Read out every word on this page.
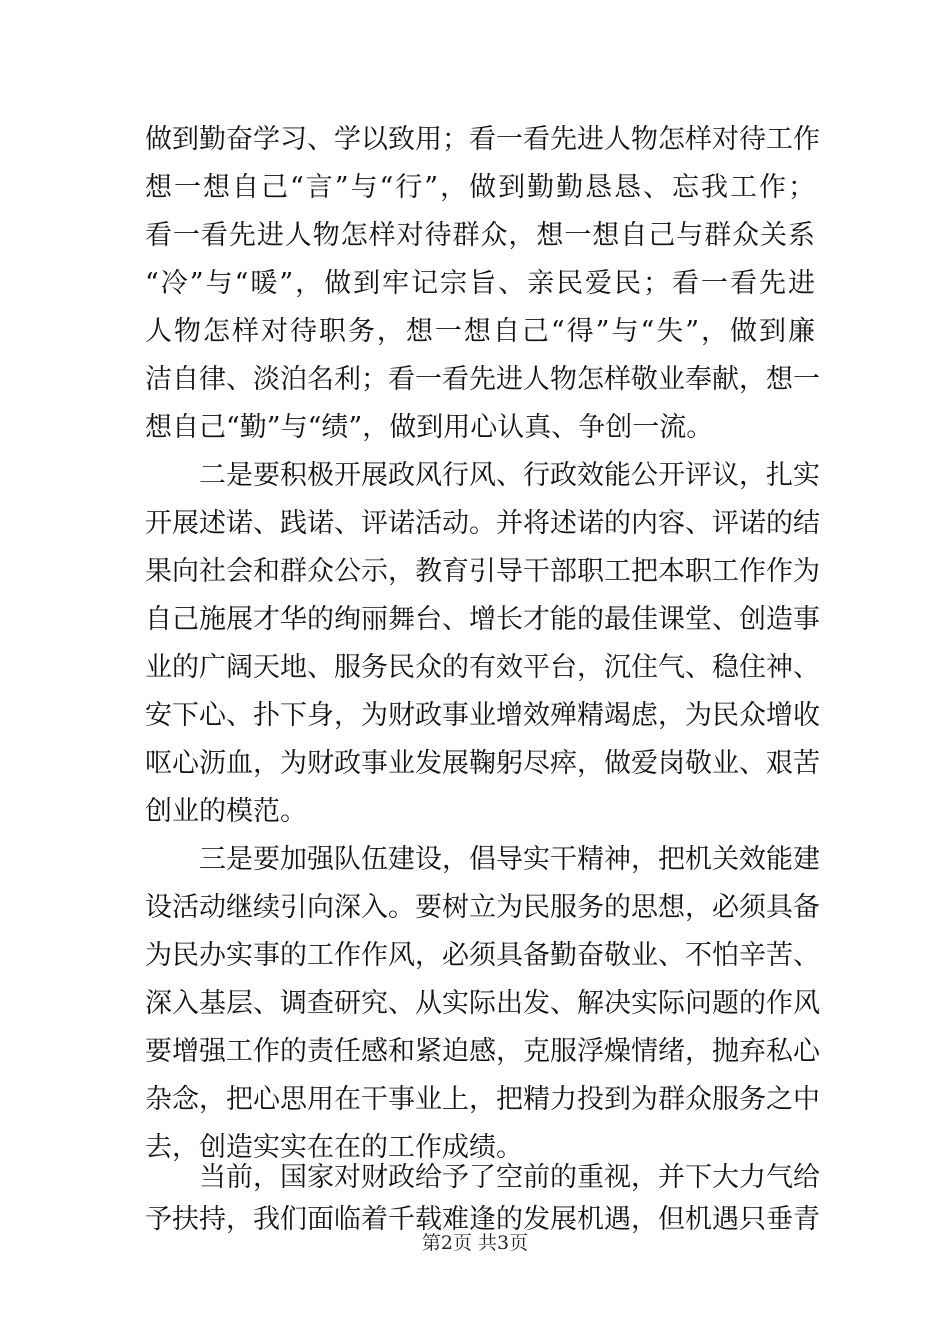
做到勤奋学习、学以致用；看一看先进人物怎样对待工作
想一想自己“言”与“行”，做到勤勤恳恳、忘我工作；
看一看先进人物怎样对待群众，想一想自己与群众关系
“冷”与“暖”，做到牢记宗旨、亲民爱民；看一看先进
人物怎样对待职务，想一想自己“得”与“失”，做到廉
洁自律、淡泊名利；看一看先进人物怎样敬业奉献，想一
想自己“勤”与“绩”，做到用心认真、争创一流。
二是要积极开展政风行风、行政效能公开评议，扎实
开展述诺、践诺、评诺活动。并将述诺的内容、评诺的结
果向社会和群众公示，教育引导干部职工把本职工作作为
自己施展才华的绚丽舞台、增长才能的最佳课堂、创造事
业的广阔天地、服务民众的有效平台，沉住气、稳住神、
安下心、扑下身，为财政事业增效殚精竭虑，为民众增收
呕心沥血，为财政事业发展鞠躬尽瘁，做爱岗敬业、艰苦
创业的模范。
三是要加强队伍建设，倡导实干精神，把机关效能建
设活动继续引向深入。要树立为民服务的思想，必须具备
为民办实事的工作作风，必须具备勤奋敬业、不怕辛苦、
深入基层、调查研究、从实际出发、解决实际问题的作风
要增强工作的责任感和紧迫感，克服浮燥情绪，抛弃私心
杂念，把心思用在干事业上，把精力投到为群众服务之中
去，创造实实在在的工作成绩。
当前，国家对财政给予了空前的重视，并下大力气给
第2页 共3页
予扶持，我们面临着千载难逢的发展机遇，但机遇只垂青
